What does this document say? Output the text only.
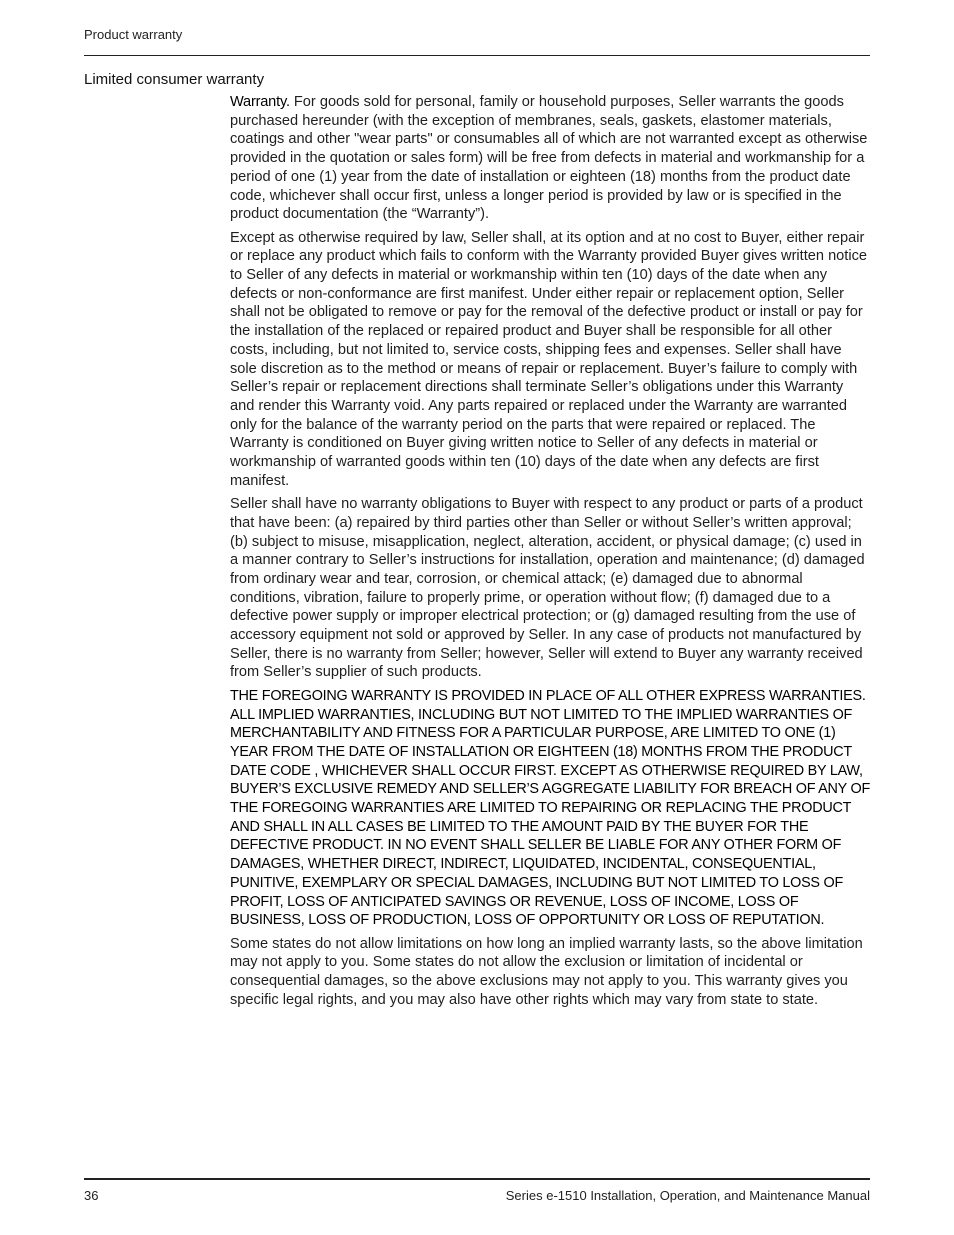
Product warranty
Limited consumer warranty

Warranty. For goods sold for personal, family or household purposes, Seller warrants the goods purchased hereunder (with the exception of membranes, seals, gaskets, elastomer materials, coatings and other "wear parts" or consumables all of which are not warranted except as otherwise provided in the quotation or sales form) will be free from defects in material and workmanship for a period of one (1) year from the date of installation or eighteen (18) months from the product date code, whichever shall occur first, unless a longer period is provided by law or is specified in the product documentation (the “Warranty”).

Except as otherwise required by law, Seller shall, at its option and at no cost to Buyer, either repair or replace any product which fails to conform with the Warranty provided Buyer gives written notice to Seller of any defects in material or workmanship within ten (10) days of the date when any defects or non-conformance are first manifest. Under either repair or replacement option, Seller shall not be obligated to remove or pay for the removal of the defective product or install or pay for the installation of the replaced or repaired product and Buyer shall be responsible for all other costs, including, but not limited to, service costs, shipping fees and expenses. Seller shall have sole discretion as to the method or means of repair or replacement. Buyer’s failure to comply with Seller’s repair or replacement directions shall terminate Seller’s obligations under this Warranty and render this Warranty void. Any parts repaired or replaced under the Warranty are warranted only for the balance of the warranty period on the parts that were repaired or replaced. The Warranty is conditioned on Buyer giving written notice to Seller of any defects in material or workmanship of warranted goods within ten (10) days of the date when any defects are first manifest.

Seller shall have no warranty obligations to Buyer with respect to any product or parts of a product that have been: (a) repaired by third parties other than Seller or without Seller’s written approval; (b) subject to misuse, misapplication, neglect, alteration, accident, or physical damage; (c) used in a manner contrary to Seller’s instructions for installation, operation and maintenance; (d) damaged from ordinary wear and tear, corrosion, or chemical attack; (e) damaged due to abnormal conditions, vibration, failure to properly prime, or operation without flow; (f) damaged due to a defective power supply or improper electrical protection; or (g) damaged resulting from the use of accessory equipment not sold or approved by Seller. In any case of products not manufactured by Seller, there is no warranty from Seller; however, Seller will extend to Buyer any warranty received from Seller’s supplier of such products.

THE FOREGOING WARRANTY IS PROVIDED IN PLACE OF ALL OTHER EXPRESS WARRANTIES. ALL IMPLIED WARRANTIES, INCLUDING BUT NOT LIMITED TO THE IMPLIED WARRANTIES OF MERCHANTABILITY AND FITNESS FOR A PARTICULAR PURPOSE, ARE LIMITED TO ONE (1) YEAR FROM THE DATE OF INSTALLATION OR EIGHTEEN (18) MONTHS FROM THE PRODUCT DATE CODE , WHICHEVER SHALL OCCUR FIRST. EXCEPT AS OTHERWISE REQUIRED BY LAW, BUYER’S EXCLUSIVE REMEDY AND SELLER’S AGGREGATE LIABILITY FOR BREACH OF ANY OF THE FOREGOING WARRANTIES ARE LIMITED TO REPAIRING OR REPLACING THE PRODUCT AND SHALL IN ALL CASES BE LIMITED TO THE AMOUNT PAID BY THE BUYER FOR THE DEFECTIVE PRODUCT. IN NO EVENT SHALL SELLER BE LIABLE FOR ANY OTHER FORM OF DAMAGES, WHETHER DIRECT, INDIRECT, LIQUIDATED, INCIDENTAL, CONSEQUENTIAL, PUNITIVE, EXEMPLARY OR SPECIAL DAMAGES, INCLUDING BUT NOT LIMITED TO LOSS OF PROFIT, LOSS OF ANTICIPATED SAVINGS OR REVENUE, LOSS OF INCOME, LOSS OF BUSINESS, LOSS OF PRODUCTION, LOSS OF OPPORTUNITY OR LOSS OF REPUTATION.

Some states do not allow limitations on how long an implied warranty lasts, so the above limitation may not apply to you. Some states do not allow the exclusion or limitation of incidental or consequential damages, so the above exclusions may not apply to you. This warranty gives you specific legal rights, and you may also have other rights which may vary from state to state.

36	Series e-1510 Installation, Operation, and Maintenance Manual
